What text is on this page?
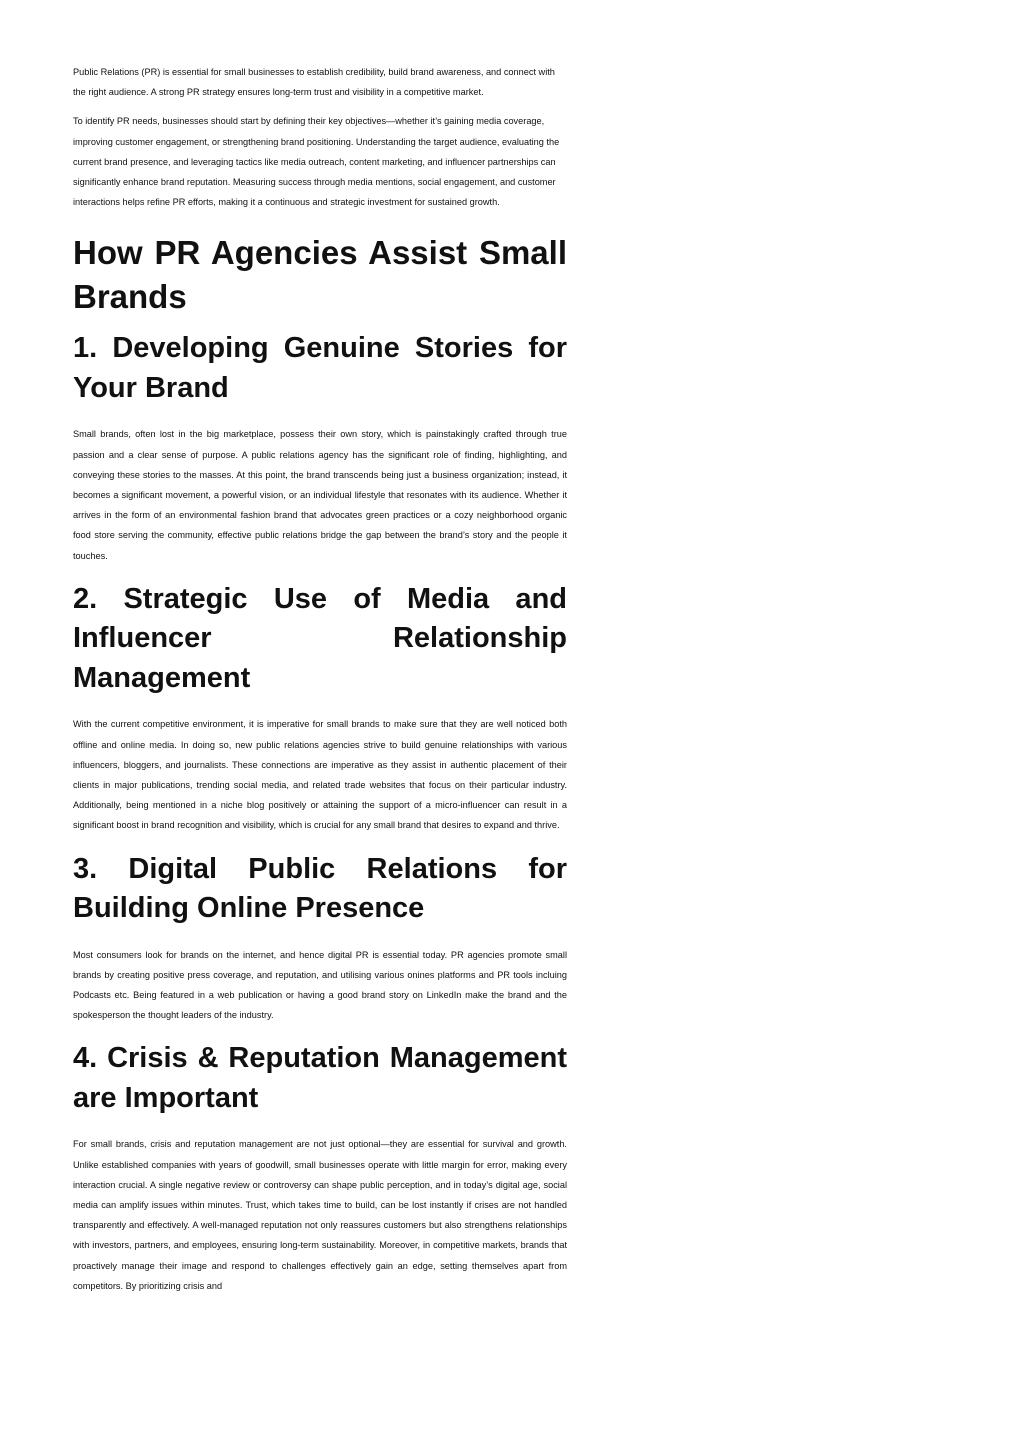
Public Relations (PR) is essential for small businesses to establish credibility, build brand awareness, and connect with the right audience. A strong PR strategy ensures long-term trust and visibility in a competitive market.

To identify PR needs, businesses should start by defining their key objectives—whether it’s gaining media coverage, improving customer engagement, or strengthening brand positioning. Understanding the target audience, evaluating the current brand presence, and leveraging tactics like media outreach, content marketing, and influencer partnerships can significantly enhance brand reputation. Measuring success through media mentions, social engagement, and customer interactions helps refine PR efforts, making it a continuous and strategic investment for sustained growth.

How PR Agencies Assist Small Brands
1. Developing Genuine Stories for Your Brand

Small brands, often lost in the big marketplace, possess their own story, which is painstakingly crafted through true passion and a clear sense of purpose. A public relations agency has the significant role of finding, highlighting, and conveying these stories to the masses. At this point, the brand transcends being just a business organization; instead, it becomes a significant movement, a powerful vision, or an individual lifestyle that resonates with its audience. Whether it arrives in the form of an environmental fashion brand that advocates green practices or a cozy neighborhood organic food store serving the community, effective public relations bridge the gap between the brand’s story and the people it touches.

2. Strategic Use of Media and Influencer Relationship Management

With the current competitive environment, it is imperative for small brands to make sure that they are well noticed both offline and online media. In doing so, new public relations agencies strive to build genuine relationships with various influencers, bloggers, and journalists. These connections are imperative as they assist in authentic placement of their clients in major publications, trending social media, and related trade websites that focus on their particular industry. Additionally, being mentioned in a niche blog positively or attaining the support of a micro-influencer can result in a significant boost in brand recognition and visibility, which is crucial for any small brand that desires to expand and thrive.

3. Digital Public Relations for Building Online Presence

Most consumers look for brands on the internet, and hence digital PR is essential today. PR agencies promote small brands by creating positive press coverage, and reputation, and utilising various onines platforms and PR tools incluing Podcasts etc. Being featured in a web publication or having a good brand story on LinkedIn make the brand and the spokesperson the thought leaders of the industry.

4. Crisis & Reputation Management are Important

For small brands, crisis and reputation management are not just optional—they are essential for survival and growth. Unlike established companies with years of goodwill, small businesses operate with little margin for error, making every interaction crucial. A single negative review or controversy can shape public perception, and in today’s digital age, social media can amplify issues within minutes. Trust, which takes time to build, can be lost instantly if crises are not handled transparently and effectively. A well-managed reputation not only reassures customers but also strengthens relationships with investors, partners, and employees, ensuring long-term sustainability. Moreover, in competitive markets, brands that proactively manage their image and respond to challenges effectively gain an edge, setting themselves apart from competitors. By prioritizing crisis and
